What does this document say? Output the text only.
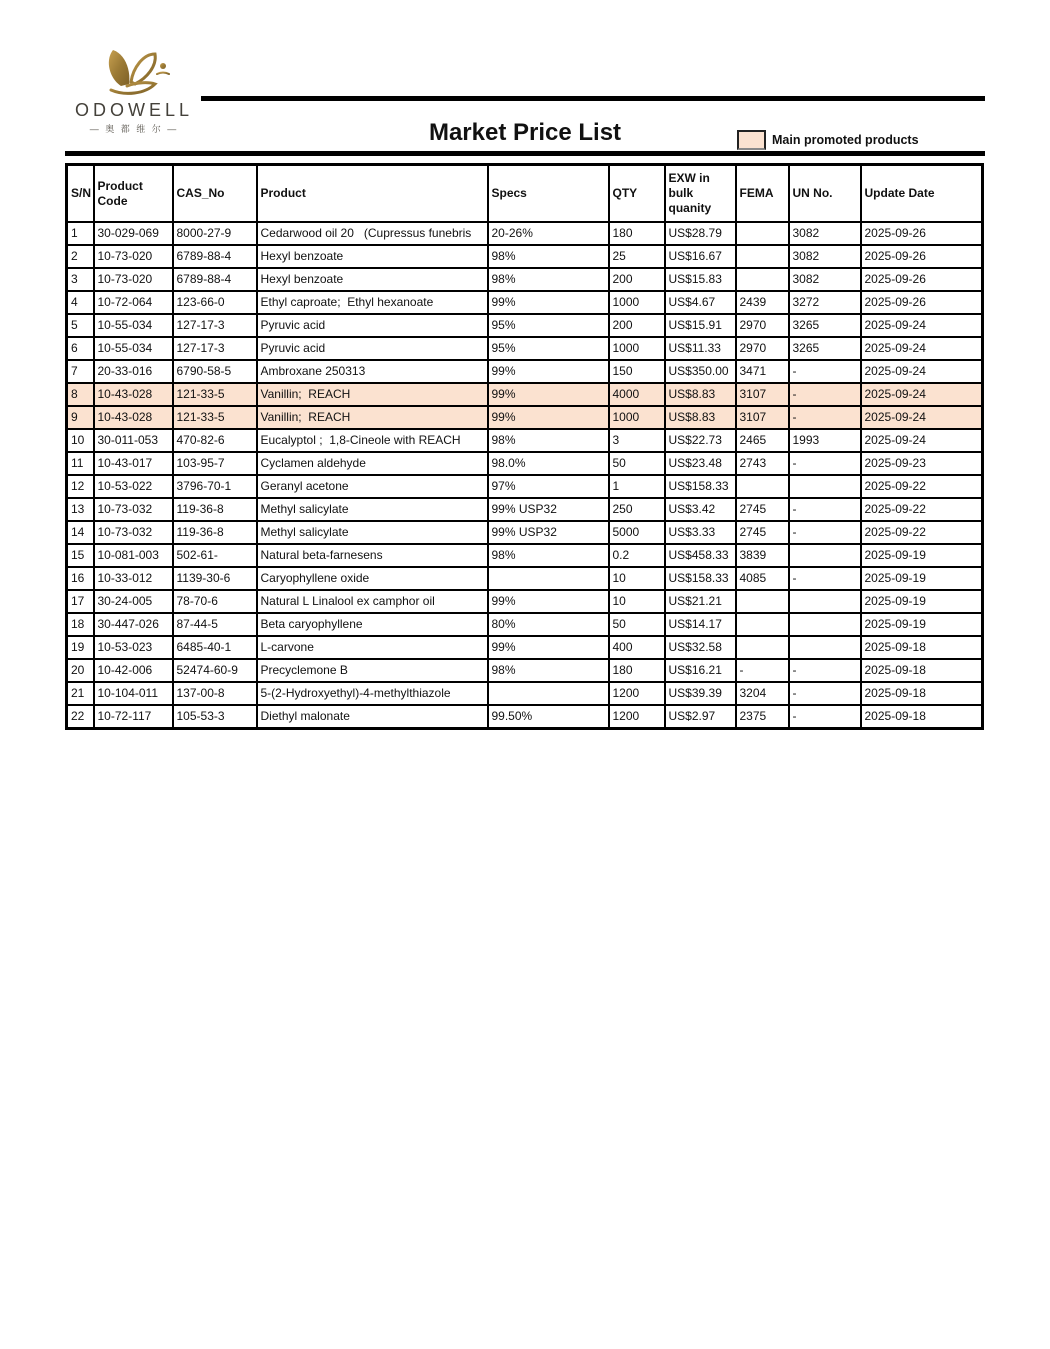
ODOWELL
— 奥 都 维 尔 —	Market Price List	Main promoted products
S/N	Product Code	CAS_No	Product	Specs	QTY	EXW in bulk quanity	FEMA	UN No.	Update Date
1	30-029-069	8000-27-9	Cedarwood oil 20   (Cupressus funebris	20-26%	180	US$28.79		3082	2025-09-26
2	10-73-020	6789-88-4	Hexyl benzoate	98%	25	US$16.67		3082	2025-09-26
3	10-73-020	6789-88-4	Hexyl benzoate	98%	200	US$15.83		3082	2025-09-26
4	10-72-064	123-66-0	Ethyl caproate;  Ethyl hexanoate	99%	1000	US$4.67	2439	3272	2025-09-26
5	10-55-034	127-17-3	Pyruvic acid	95%	200	US$15.91	2970	3265	2025-09-24
6	10-55-034	127-17-3	Pyruvic acid	95%	1000	US$11.33	2970	3265	2025-09-24
7	20-33-016	6790-58-5	Ambroxane 250313	99%	150	US$350.00	3471	-	2025-09-24
8	10-43-028	121-33-5	Vanillin;  REACH	99%	4000	US$8.83	3107	-	2025-09-24
9	10-43-028	121-33-5	Vanillin;  REACH	99%	1000	US$8.83	3107	-	2025-09-24
10	30-011-053	470-82-6	Eucalyptol ;  1,8-Cineole with REACH	98%	3	US$22.73	2465	1993	2025-09-24
11	10-43-017	103-95-7	Cyclamen aldehyde	98.0%	50	US$23.48	2743	-	2025-09-23
12	10-53-022	3796-70-1	Geranyl acetone	97%	1	US$158.33			2025-09-22
13	10-73-032	119-36-8	Methyl salicylate	99% USP32	250	US$3.42	2745	-	2025-09-22
14	10-73-032	119-36-8	Methyl salicylate	99% USP32	5000	US$3.33	2745	-	2025-09-22
15	10-081-003	502-61-	Natural beta-farnesens	98%	0.2	US$458.33	3839		2025-09-19
16	10-33-012	1139-30-6	Caryophyllene oxide		10	US$158.33	4085	-	2025-09-19
17	30-24-005	78-70-6	Natural L Linalool ex camphor oil	99%	10	US$21.21			2025-09-19
18	30-447-026	87-44-5	Beta caryophyllene	80%	50	US$14.17			2025-09-19
19	10-53-023	6485-40-1	L-carvone	99%	400	US$32.58			2025-09-18
20	10-42-006	52474-60-9	Precyclemone B	98%	180	US$16.21	-	-	2025-09-18
21	10-104-011	137-00-8	5-(2-Hydroxyethyl)-4-methylthiazole		1200	US$39.39	3204	-	2025-09-18
22	10-72-117	105-53-3	Diethyl malonate	99.50%	1200	US$2.97	2375	-	2025-09-18
